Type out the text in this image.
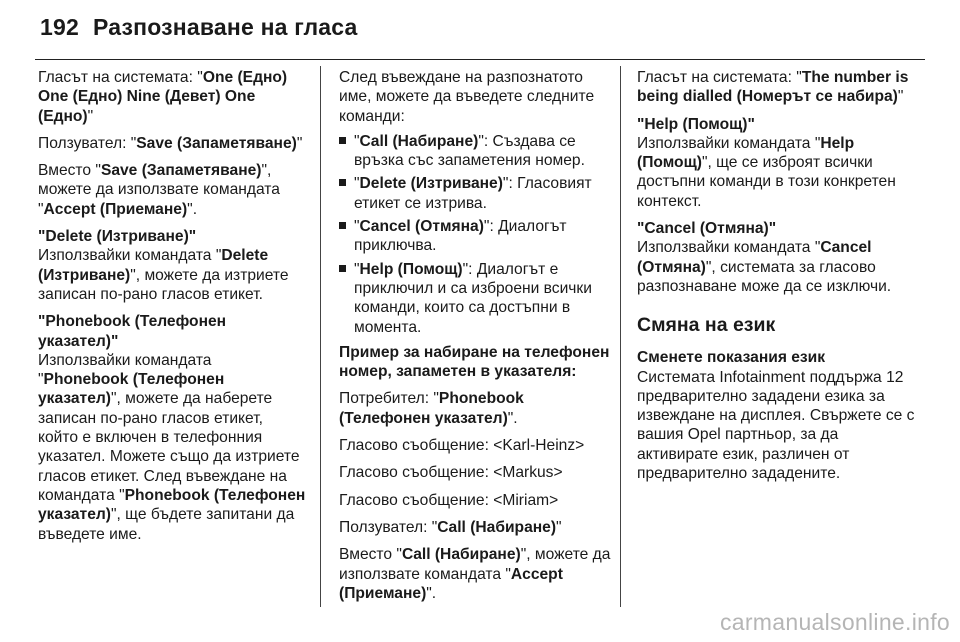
192 Разпознаване на гласа

Гласът на системата: "One (Едно) One (Едно) Nine (Девет) One (Едно)"

Ползувател: "Save (Запаметяване)"

Вместо "Save (Запаметяване)", можете да използвате командата "Accept (Приемане)".

"Delete (Изтриване)"

Използвайки командата "Delete (Изтриване)", можете да изтриете записан по-рано гласов етикет.

"Phonebook (Телефонен указател)"

Използвайки командата "Phonebook (Телефонен указател)", можете да наберете записан по-рано гласов етикет, който е включен в телефонния указател. Можете също да изтриете гласов етикет. След въвеждане на командата "Phonebook (Телефонен указател)", ще бъдете запитани да въведете име.

След въвеждане на разпознатото име, можете да въведете следните команди:

"Call (Набиране)": Създава се връзка със запаметения номер.
"Delete (Изтриване)": Гласовият етикет се изтрива.
"Cancel (Отмяна)": Диалогът приключва.
"Help (Помощ)": Диалогът е приключил и са изброени всички команди, които са достъпни в момента.

Пример за набиране на телефонен номер, запаметен в указателя:

Потребител: "Phonebook (Телефонен указател)".

Гласово съобщение: <Karl-Heinz>

Гласово съобщение: <Markus>

Гласово съобщение: <Miriam>

Ползувател: "Call (Набиране)"

Вместо "Call (Набиране)", можете да използвате командата "Accept (Приемане)".

Гласът на системата: "The number is being dialled (Номерът се набира)"

"Help (Помощ)"

Използвайки командата "Help (Помощ)", ще се изброят всички достъпни команди в този конкретен контекст.

"Cancel (Отмяна)"

Използвайки командата "Cancel (Отмяна)", системата за гласово разпознаване може да се изключи.

Смяна на език

Сменете показания език

Системата Infotainment поддържа 12 предварително зададени езика за извеждане на дисплея. Свържете се с вашия Opel партньор, за да активирате език, различен от предварително зададените.

carmanualsonline.info
